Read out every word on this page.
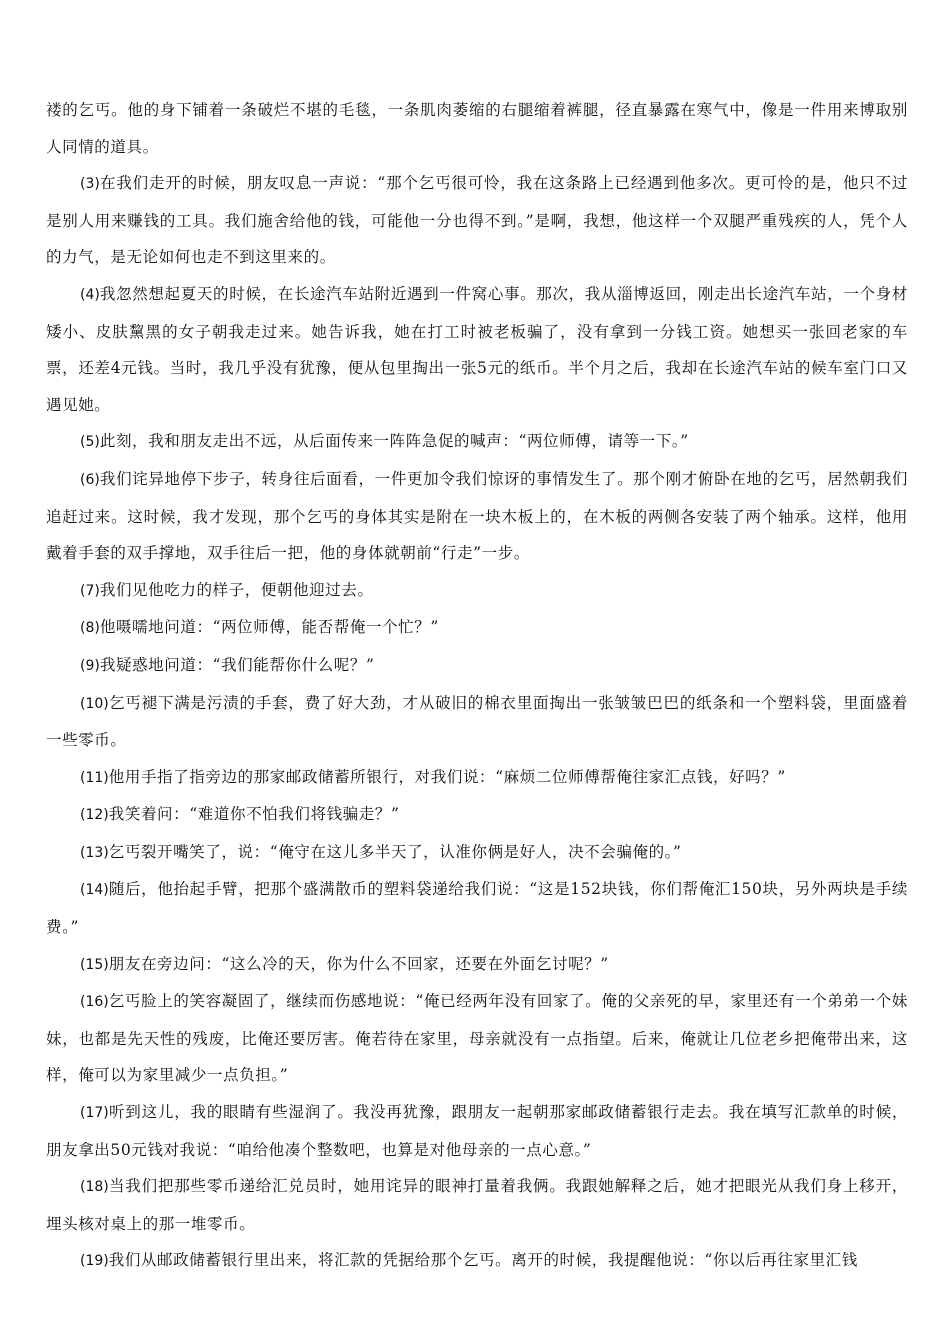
褛的乞丐。他的身下铺着一条破烂不堪的毛毯，一条肌肉萎缩的右腿缩着裤腿，径直暴露在寒气中，像是一件用来博取别人同情的道具。

(3)在我们走开的时候，朋友叹息一声说：“那个乞丐很可怜，我在这条路上已经遇到他多次。更可怜的是，他只不过是别人用来赚钱的工具。我们施舍给他的钱，可能他一分也得不到。”是啊，我想，他这样一个双腿严重残疾的人，凭个人的力气，是无论如何也走不到这里来的。

(4)我忽然想起夏天的时候，在长途汽车站附近遇到一件窝心事。那次，我从淄博返回，刚走出长途汽车站，一个身材矮小、皮肤黧黑的女子朝我走过来。她告诉我，她在打工时被老板骗了，没有拿到一分钱工资。她想买一张回老家的车票，还差4元钱。当时，我几乎没有犹豫，便从包里掏出一张5元的纸币。半个月之后，我却在长途汽车站的候车室门口又遇见她。

(5)此刻，我和朋友走出不远，从后面传来一阵阵急促的喊声：“两位师傅，请等一下。”

(6)我们诧异地停下步子，转身往后面看，一件更加令我们惊讶的事情发生了。那个刚才俯卧在地的乞丐，居然朝我们追赶过来。这时候，我才发现，那个乞丐的身体其实是附在一块木板上的，在木板的两侧各安装了两个轴承。这样，他用戴着手套的双手撑地，双手往后一把，他的身体就朝前“行走”一步。

(7)我们见他吃力的样子，便朝他迎过去。

(8)他嗫嚅地问道：“两位师傅，能否帮俺一个忙？”

(9)我疑惑地问道：“我们能帮你什么呢？”

(10)乞丐褪下满是污渍的手套，费了好大劲，才从破旧的棉衣里面掏出一张皱皱巴巴的纸条和一个塑料袋，里面盛着一些零币。

(11)他用手指了指旁边的那家邮政储蓄所银行，对我们说：“麻烦二位师傅帮俺往家汇点钱，好吗？”

(12)我笑着问：“难道你不怕我们将钱骗走？”

(13)乞丐裂开嘴笑了，说：“俺守在这儿多半天了，认准你俩是好人，决不会骗俺的。”

(14)随后，他抬起手臂，把那个盛满散币的塑料袋递给我们说：“这是152块钱，你们帮俺汇150块，另外两块是手续费。”

(15)朋友在旁边问：“这么冷的天，你为什么不回家，还要在外面乞讨呢？”

(16)乞丐脸上的笑容凝固了，继续而伤感地说：“俺已经两年没有回家了。俺的父亲死的早，家里还有一个弟弟一个妹妹，也都是先天性的残废，比俺还要厉害。俺若待在家里，母亲就没有一点指望。后来，俺就让几位老乡把俺带出来，这样，俺可以为家里减少一点负担。”

(17)听到这儿，我的眼睛有些湿润了。我没再犹豫，跟朋友一起朝那家邮政储蓄银行走去。我在填写汇款单的时候，朋友拿出50元钱对我说：“咱给他凑个整数吧，也算是对他母亲的一点心意。”

(18)当我们把那些零币递给汇兑员时，她用诧异的眼神打量着我俩。我跟她解释之后，她才把眼光从我们身上移开，埋头核对桌上的那一堆零币。

(19)我们从邮政储蓄银行里出来，将汇款的凭据给那个乞丐。离开的时候，我提醒他说：“你以后再往家里汇钱
